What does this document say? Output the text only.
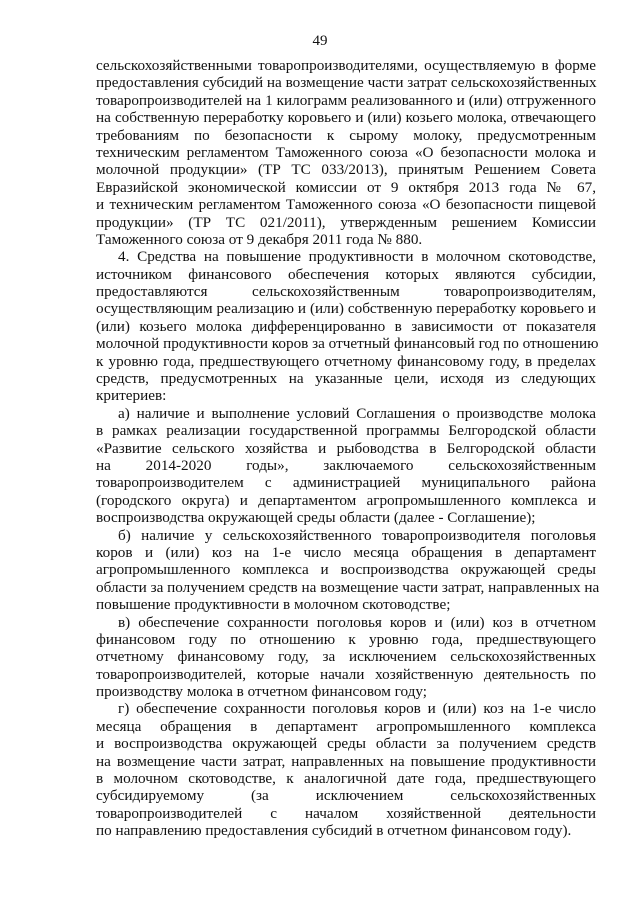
49
сельскохозяйственными товаропроизводителями, осуществляемую в форме
предоставления субсидий на возмещение части затрат сельскохозяйственных
товаропроизводителей на 1 килограмм реализованного и (или) отгруженного
на собственную переработку коровьего и (или) козьего молока, отвечающего
требованиям по безопасности к сырому молоку, предусмотренным
техническим регламентом Таможенного союза «О безопасности молока и
молочной продукции» (ТР ТС 033/2013), принятым Решением Совета
Евразийской экономической комиссии от 9 октября 2013 года № 67,
и техническим регламентом Таможенного союза «О безопасности пищевой
продукции» (ТР ТС 021/2011), утвержденным решением Комиссии
Таможенного союза от 9 декабря 2011 года № 880.
4. Средства на повышение продуктивности в молочном скотоводстве,
источником финансового обеспечения которых являются субсидии,
предоставляются сельскохозяйственным товаропроизводителям,
осуществляющим реализацию и (или) собственную переработку коровьего и
(или) козьего молока дифференцированно в зависимости от показателя
молочной продуктивности коров за отчетный финансовый год по отношению
к уровню года, предшествующего отчетному финансовому году, в пределах
средств, предусмотренных на указанные цели, исходя из следующих
критериев:
а) наличие и выполнение условий Соглашения о производстве молока
в рамках реализации государственной программы Белгородской области
«Развитие сельского хозяйства и рыбоводства в Белгородской области
на 2014-2020 годы», заключаемого сельскохозяйственным
товаропроизводителем с администрацией муниципального района
(городского округа) и департаментом агропромышленного комплекса и
воспроизводства окружающей среды области (далее - Соглашение);
б) наличие у сельскохозяйственного товаропроизводителя поголовья
коров и (или) коз на 1-е число месяца обращения в департамент
агропромышленного комплекса и воспроизводства окружающей среды
области за получением средств на возмещение части затрат, направленных на
повышение продуктивности в молочном скотоводстве;
в) обеспечение сохранности поголовья коров и (или) коз в отчетном
финансовом году по отношению к уровню года, предшествующего
отчетному финансовому году, за исключением сельскохозяйственных
товаропроизводителей, которые начали хозяйственную деятельность по
производству молока в отчетном финансовом году;
г) обеспечение сохранности поголовья коров и (или) коз на 1-е число
месяца обращения в департамент агропромышленного комплекса
и воспроизводства окружающей среды области за получением средств
на возмещение части затрат, направленных на повышение продуктивности
в молочном скотоводстве, к аналогичной дате года, предшествующего
субсидируемому (за исключением сельскохозяйственных
товаропроизводителей с началом хозяйственной деятельности
по направлению предоставления субсидий в отчетном финансовом году).
